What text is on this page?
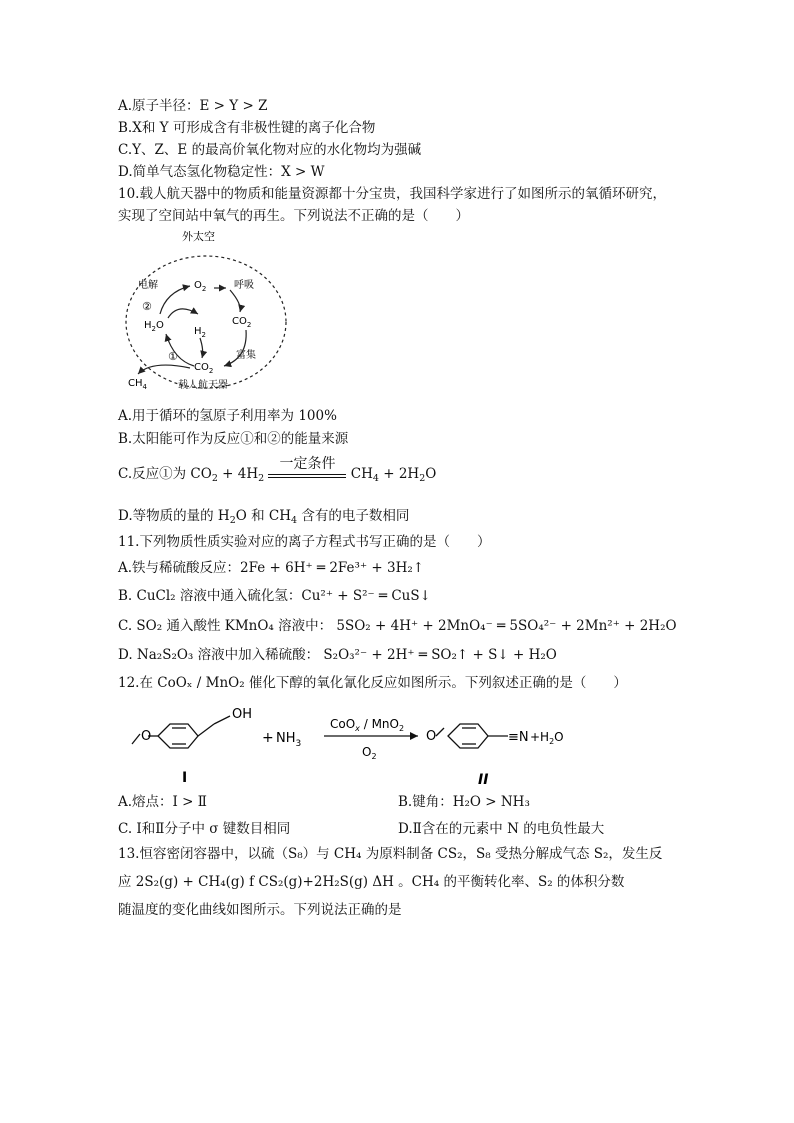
A.原子半径：E > Y > Z
B.X和 Y 可形成含有非极性键的离子化合物
C.Y、Z、E 的最高价氧化物对应的水化物均为强碱
D.简单气态氢化物稳定性：X > W
10.载人航天器中的物质和能量资源都十分宝贵，我国科学家进行了如图所示的氧循环研究，
实现了空间站中氧气的再生。下列说法不正确的是（　　）
外太空
电解	$O_2$	呼吸
②
$H_2O$
$H_2$
$CO_2$
富集
①
$CO_2$
$CH_4$	载人航天器
A.用于循环的氢原子利用率为 100%
B.太阳能可作为反应①和②的能量来源
C.反应①为 $CO_2 + 4H_2$
一定条件
$CH_4 + 2H_2O$
D.等物质的量的 $H_2O$ 和 $CH_4$ 含有的电子数相同
11.下列物质性质实验对应的离子方程式书写正确的是（　　）
A.铁与稀硫酸反应：2Fe + 6H⁺ ═ 2Fe³⁺ + 3H₂↑
B. CuCl₂ 溶液中通入硫化氢：Cu²⁺ + S²⁻ ═ CuS↓
C. SO₂ 通入酸性 KMnO₄ 溶液中： 5SO₂ + 4H⁺ + 2MnO₄⁻ ═ 5SO₄²⁻ + 2Mn²⁺ + 2H₂O
D. Na₂S₂O₃ 溶液中加入稀硫酸： S₂O₃²⁻ + 2H⁺ ═ SO₂↑ + S↓ + H₂O
12.在 CoOₓ / MnO₂ 催化下醇的氧化氰化反应如图所示。下列叙述正确的是（　　）
O
OH
+ $NH_3$
CoO$_x$ / MnO$_2$
$O_2$
O	$\equiv N +H_2O$
I	II
A.熔点：Ⅰ > Ⅱ	B.键角：H₂O > NH₃
C. Ⅰ和Ⅱ分子中 σ 键数目相同	D.Ⅱ含在的元素中 N 的电负性最大
13.恒容密闭容器中，以硫（S₈）与 CH₄ 为原料制备 CS₂，S₈ 受热分解成气态 S₂，发生反
应 2S₂(g) + CH₄(g) f CS₂(g)+2H₂S(g) ΔH 。CH₄ 的平衡转化率、S₂ 的体积分数
随温度的变化曲线如图所示。下列说法正确的是
